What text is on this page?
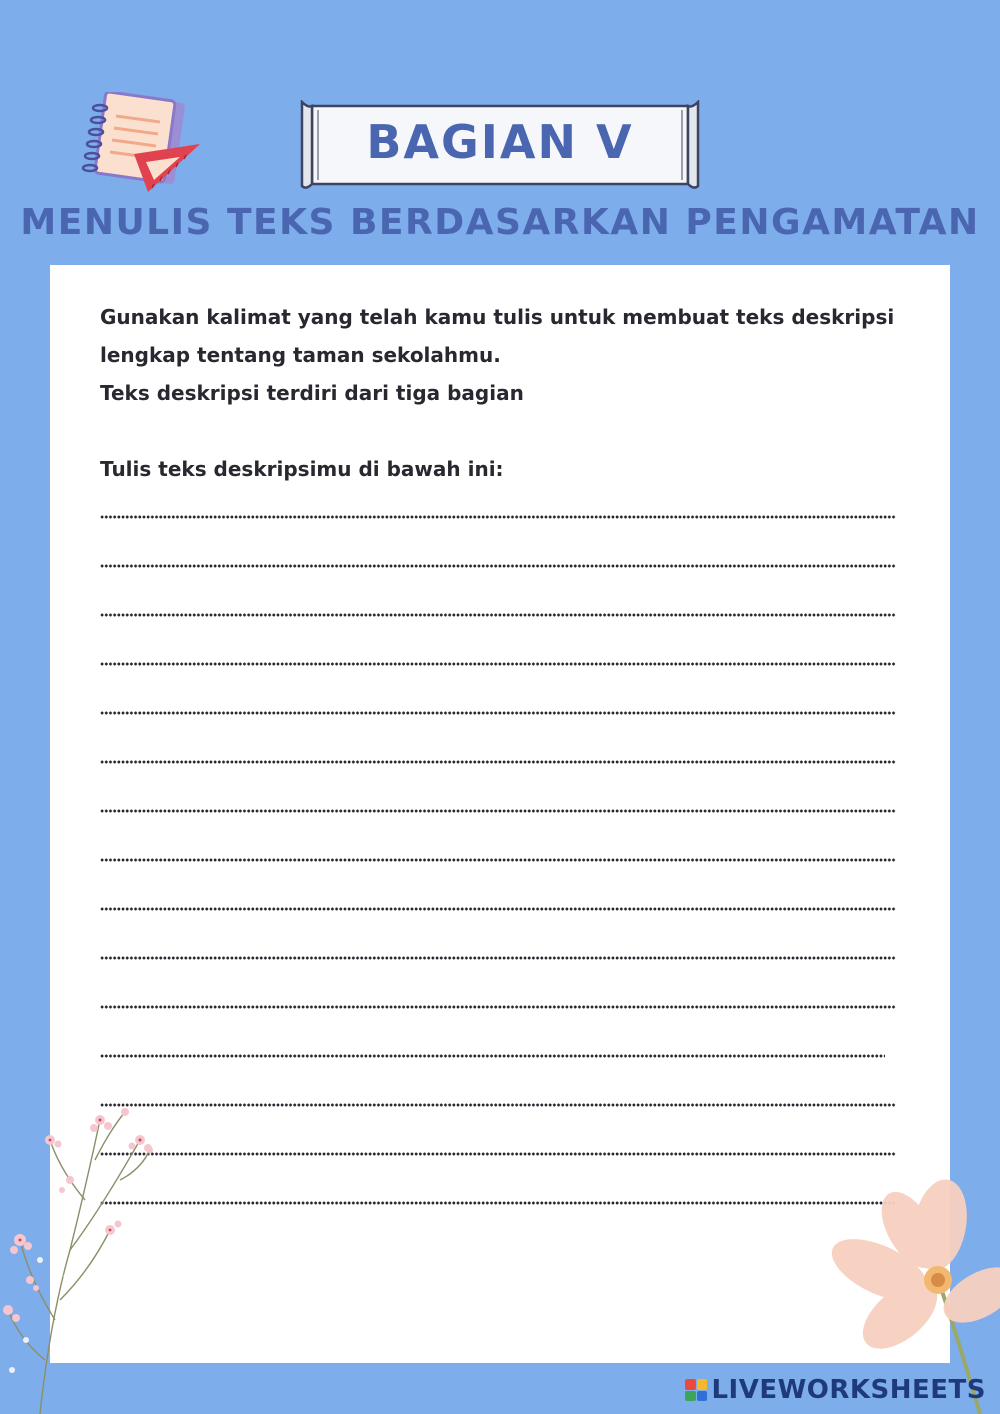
BAGIAN V
MENULIS TEKS BERDASARKAN PENGAMATAN
Gunakan kalimat yang telah kamu tulis untuk membuat teks deskripsi
lengkap tentang taman sekolahmu.
Teks deskripsi terdiri dari tiga bagian
Tulis teks deskripsimu di bawah ini:
LIVEWORKSHEETS
